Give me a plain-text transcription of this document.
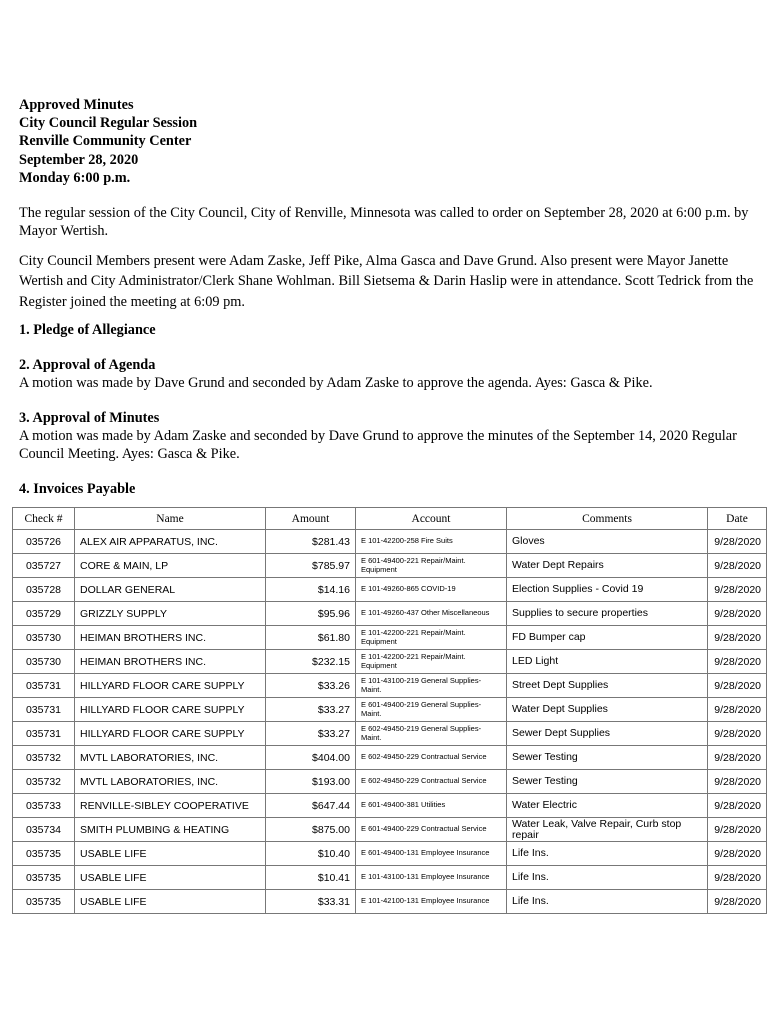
Approved Minutes
City Council Regular Session
Renville Community Center
September 28, 2020
Monday 6:00 p.m.

The regular session of the City Council, City of Renville, Minnesota was called to order on September 28, 2020 at 6:00 p.m. by Mayor Wertish.

City Council Members present were Adam Zaske, Jeff Pike, Alma Gasca and Dave Grund. Also present were Mayor Janette Wertish and City Administrator/Clerk Shane Wohlman. Bill Sietsema & Darin Haslip were in attendance. Scott Tedrick from the Register joined the meeting at 6:09 pm.

1. Pledge of Allegiance
2. Approval of Agenda

A motion was made by Dave Grund and seconded by Adam Zaske to approve the agenda. Ayes: Gasca & Pike.

3. Approval of Minutes

A motion was made by Adam Zaske and seconded by Dave Grund to approve the minutes of the September 14, 2020 Regular Council Meeting. Ayes: Gasca & Pike.

4. Invoices Payable
Check #	Name	Amount	Account	Comments	Date
035726	ALEX AIR APPARATUS, INC.	$281.43	E 101-42200-258 Fire Suits	Gloves	9/28/2020
035727	CORE & MAIN, LP	$785.97	E 601-49400-221 Repair/Maint. Equipment	Water Dept Repairs	9/28/2020
035728	DOLLAR GENERAL	$14.16	E 101-49260-865 COVID-19	Election Supplies - Covid 19	9/28/2020
035729	GRIZZLY SUPPLY	$95.96	E 101-49260-437 Other Miscellaneous	Supplies to secure properties	9/28/2020
035730	HEIMAN BROTHERS INC.	$61.80	E 101-42200-221 Repair/Maint. Equipment	FD Bumper cap	9/28/2020
035730	HEIMAN BROTHERS INC.	$232.15	E 101-42200-221 Repair/Maint. Equipment	LED Light	9/28/2020
035731	HILLYARD FLOOR CARE SUPPLY	$33.26	E 101-43100-219 General Supplies-Maint.	Street Dept Supplies	9/28/2020
035731	HILLYARD FLOOR CARE SUPPLY	$33.27	E 601-49400-219 General Supplies-Maint.	Water Dept Supplies	9/28/2020
035731	HILLYARD FLOOR CARE SUPPLY	$33.27	E 602-49450-219 General Supplies-Maint.	Sewer Dept Supplies	9/28/2020
035732	MVTL LABORATORIES, INC.	$404.00	E 602-49450-229 Contractual Service	Sewer Testing	9/28/2020
035732	MVTL LABORATORIES, INC.	$193.00	E 602-49450-229 Contractual Service	Sewer Testing	9/28/2020
035733	RENVILLE-SIBLEY COOPERATIVE	$647.44	E 601-49400-381 Utilities	Water Electric	9/28/2020
035734	SMITH PLUMBING & HEATING	$875.00	E 601-49400-229 Contractual Service	Water Leak, Valve Repair, Curb stop repair	9/28/2020
035735	USABLE LIFE	$10.40	E 601-49400-131 Employee Insurance	Life Ins.	9/28/2020
035735	USABLE LIFE	$10.41	E 101-43100-131 Employee Insurance	Life Ins.	9/28/2020
035735	USABLE LIFE	$33.31	E 101-42100-131 Employee Insurance	Life Ins.	9/28/2020
